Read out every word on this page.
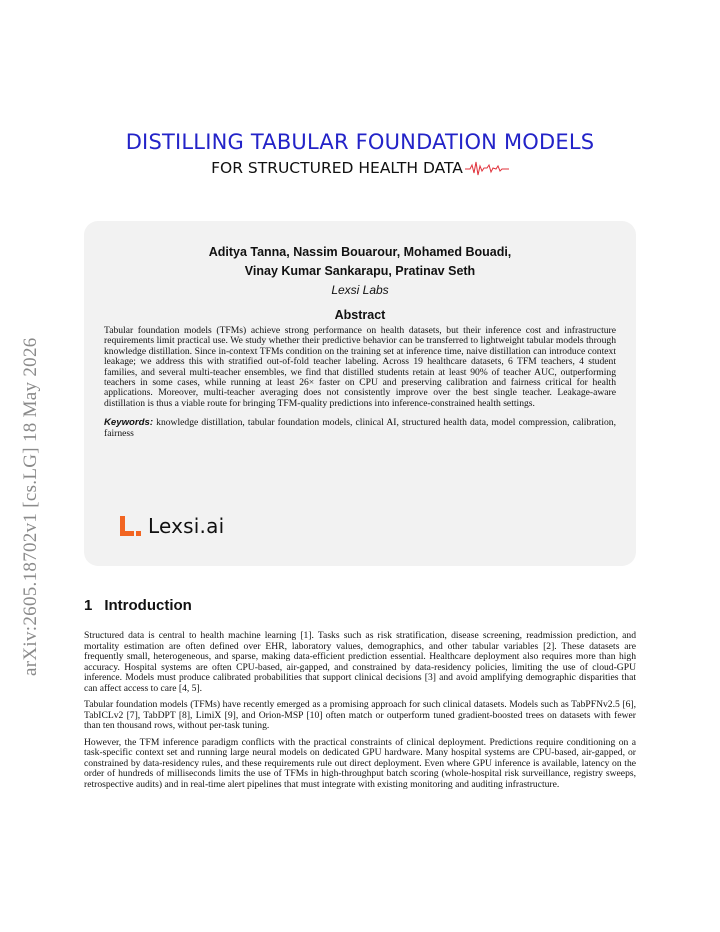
arXiv:2605.18702v1 [cs.LG] 18 May 2026
DISTILLING TABULAR FOUNDATION MODELS
FOR STRUCTURED HEALTH DATA
Aditya Tanna, Nassim Bouarour, Mohamed Bouadi,
Vinay Kumar Sankarapu, Pratinav Seth
Lexsi Labs
Abstract
Tabular foundation models (TFMs) achieve strong performance on health datasets, but their inference cost and infrastructure requirements limit practical use. We study whether their predictive behavior can be transferred to lightweight tabular models through knowledge distillation. Since in-context TFMs condition on the training set at inference time, naive distillation can introduce context leakage; we address this with stratified out-of-fold teacher labeling. Across 19 healthcare datasets, 6 TFM teachers, 4 student families, and several multi-teacher ensembles, we find that distilled students retain at least 90% of teacher AUC, outperforming teachers in some cases, while running at least 26× faster on CPU and preserving calibration and fairness critical for health applications. Moreover, multi-teacher averaging does not consistently improve over the best single teacher. Leakage-aware distillation is thus a viable route for bringing TFM-quality predictions into inference-constrained health settings.
Keywords: knowledge distillation, tabular foundation models, clinical AI, structured health data, model compression, calibration, fairness
Lexsi.ai
1 Introduction

Structured data is central to health machine learning [1]. Tasks such as risk stratification, disease screening, readmission prediction, and mortality estimation are often defined over EHR, laboratory values, demographics, and other tabular variables [2]. These datasets are frequently small, heterogeneous, and sparse, making data-efficient prediction essential. Healthcare deployment also requires more than high accuracy. Hospital systems are often CPU-based, air-gapped, and constrained by data-residency policies, limiting the use of cloud-GPU inference. Models must produce calibrated probabilities that support clinical decisions [3] and avoid amplifying demographic disparities that can affect access to care [4, 5].

Tabular foundation models (TFMs) have recently emerged as a promising approach for such clinical datasets. Models such as TabPFNv2.5 [6], TabICLv2 [7], TabDPT [8], LimiX [9], and Orion-MSP [10] often match or outperform tuned gradient-boosted trees on datasets with fewer than ten thousand rows, without per-task tuning.

However, the TFM inference paradigm conflicts with the practical constraints of clinical deployment. Predictions require conditioning on a task-specific context set and running large neural models on dedicated GPU hardware. Many hospital systems are CPU-based, air-gapped, or constrained by data-residency rules, and these requirements rule out direct deployment. Even where GPU inference is available, latency on the order of hundreds of milliseconds limits the use of TFMs in high-throughput batch scoring (whole-hospital risk surveillance, registry sweeps, retrospective audits) and in real-time alert pipelines that must integrate with existing monitoring and auditing infrastructure.
